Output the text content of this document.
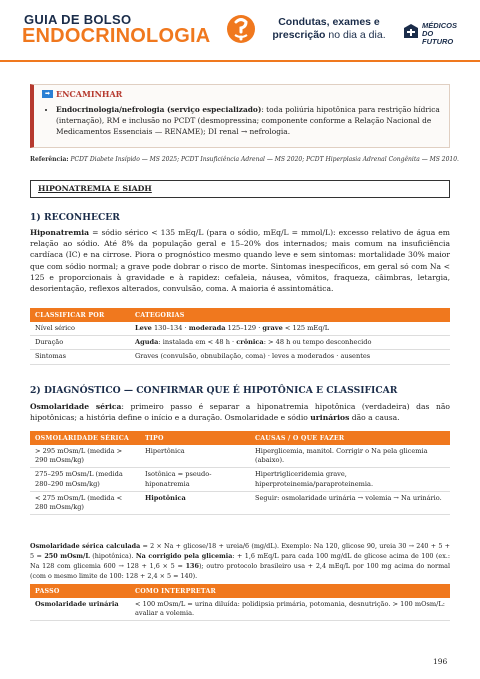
GUIA DE BOLSO
ENDOCRINOLOGIA
Condutas, exames e prescrição no dia a dia.
MÉDICOS
DO FUTURO
➡ ENCAMINHAR
• Endocrinologia/nefrologia (serviço especializado): toda poliúria hipotônica para restrição hídrica (internação), RM e inclusão no PCDT (desmopressina; componente conforme a Relação Nacional de Medicamentos Essenciais — RENAME); DI renal → nefrologia.
Referência: PCDT Diabete Insípido — MS 2025; PCDT Insuficiência Adrenal — MS 2020; PCDT Hiperplasia Adrenal Congênita — MS 2010.
HIPONATREMIA E SIADH
1) RECONHECER
Hiponatremia = sódio sérico < 135 mEq/L (para o sódio, mEq/L = mmol/L): excesso relativo de água em relação ao sódio. Até 8% da população geral e 15–20% dos internados; mais comum na insuficiência cardíaca (IC) e na cirrose. Piora o prognóstico mesmo quando leve e sem sintomas: mortalidade 30% maior que com sódio normal; a grave pode dobrar o risco de morte. Sintomas inespecíficos, em geral só com Na < 125 e proporcionais à gravidade e à rapidez: cefaleia, náusea, vômitos, fraqueza, câimbras, letargia, desorientação, reflexos alterados, convulsão, coma. A maioria é assintomática.
CLASSIFICAR POR	CATEGORIAS
Nível sérico	Leve 130–134 · moderada 125–129 · grave < 125 mEq/L
Duração	Aguda: instalada em < 48 h · crônica: > 48 h ou tempo desconhecido
Sintomas	Graves (convulsão, obnubilação, coma) · leves a moderados · ausentes
2) DIAGNÓSTICO — CONFIRMAR QUE É HIPOTÔNICA E CLASSIFICAR
Osmolaridade sérica: primeiro passo é separar a hiponatremia hipotônica (verdadeira) das não hipotônicas; a história define o início e a duração. Osmolaridade e sódio urinários dão a causa.
OSMOLARIDADE SÉRICA	TIPO	CAUSAS / O QUE FAZER
> 295 mOsm/L (medida > 290 mOsm/kg)	Hipertônica	Hiperglicemia, manitol. Corrigir o Na pela glicemia (abaixo).
275–295 mOsm/L (medida 280–290 mOsm/kg)	Isotônica = pseudo-hiponatremia	Hipertrigliceridemia grave, hiperproteinemia/paraproteinemia.
< 275 mOsm/L (medida < 280 mOsm/kg)	Hipotônica	Seguir: osmolaridade urinária → volemia → Na urinário.
Osmolaridade sérica calculada = 2 × Na + glicose/18 + ureia/6 (mg/dL). Exemplo: Na 120, glicose 90, ureia 30 → 240 + 5 + 5 = 250 mOsm/L (hipotônica). Na corrigido pela glicemia: + 1,6 mEq/L para cada 100 mg/dL de glicose acima de 100 (ex.: Na 128 com glicemia 600 → 128 + 1,6 × 5 = 136); outro protocolo brasileiro usa + 2,4 mEq/L por 100 mg acima do normal (com o mesmo limite de 100: 128 + 2,4 × 5 = 140).
PASSO	COMO INTERPRETAR
Osmolaridade urinária	< 100 mOsm/L = urina diluída: polidipsia primária, potomania, desnutrição. > 100 mOsm/L: avaliar a volemia.
196
